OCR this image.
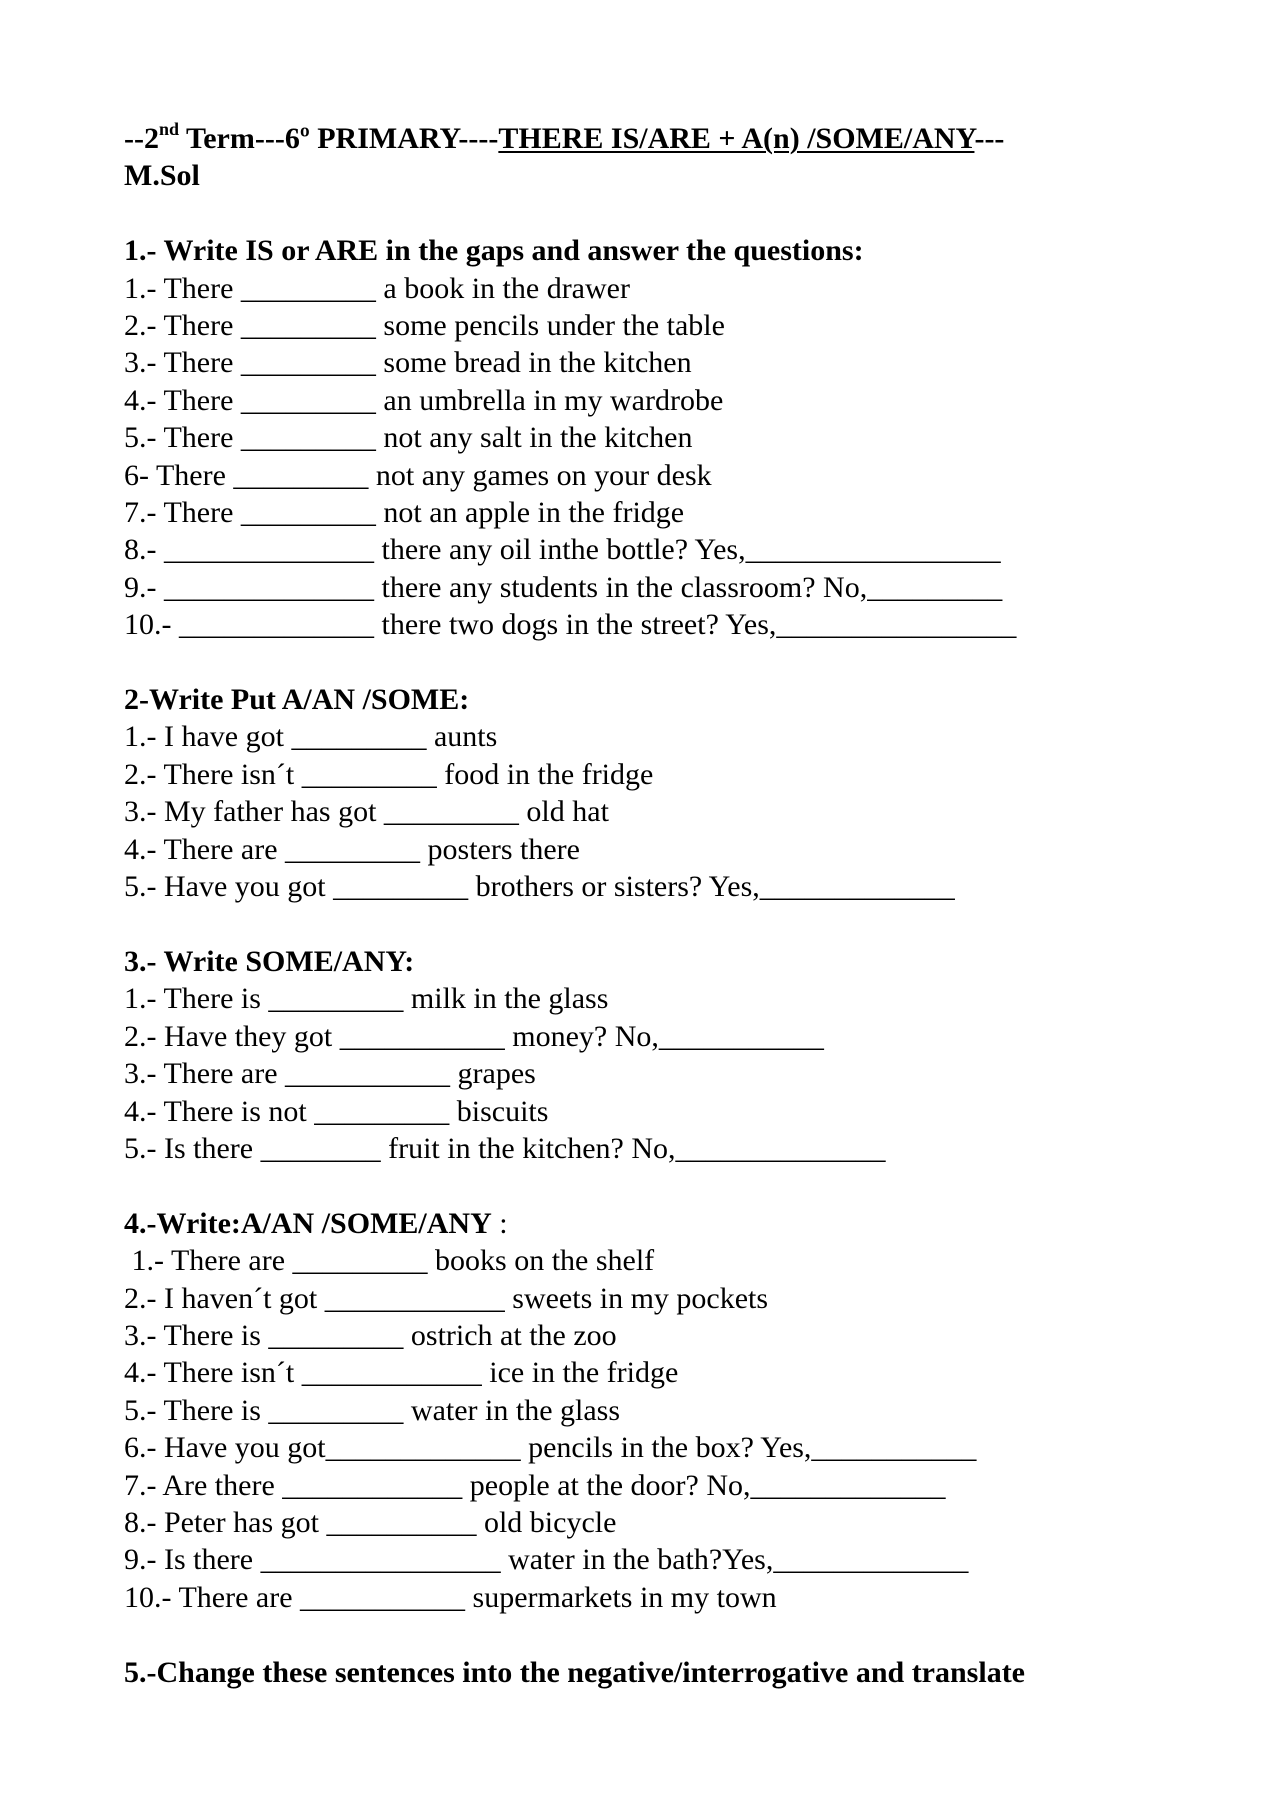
--2nd Term---6º PRIMARY----THERE IS/ARE + A(n) /SOME/ANY---
M.Sol

1.- Write IS or ARE in the gaps and answer the questions:

1.- There _________ a book in the drawer

2.- There _________ some pencils under the table

3.- There _________ some bread in the kitchen

4.- There _________ an umbrella in my wardrobe

5.- There _________ not any salt in the kitchen

6- There _________ not any games on your desk

7.- There _________ not an apple in the fridge

8.- ______________ there any oil inthe bottle? Yes,_________________

9.- ______________ there any students in the classroom? No,_________

10.- _____________ there two dogs in the street? Yes,________________

2-Write Put A/AN /SOME:

1.- I have got _________ aunts

2.- There isn´t _________ food in the fridge

3.- My father has got _________ old hat

4.- There are _________ posters there

5.- Have you got _________ brothers or sisters? Yes,_____________

3.- Write SOME/ANY:

1.- There is _________ milk in the glass

2.- Have they got ___________ money? No,___________

3.- There are ___________ grapes

4.- There is not _________ biscuits

5.- Is there ________ fruit in the kitchen? No,______________

4.-Write:A/AN /SOME/ANY :

1.- There are _________ books on the shelf

2.- I haven´t got ____________ sweets in my pockets

3.- There is _________ ostrich at the zoo

4.- There isn´t ____________ ice in the fridge

5.- There is _________ water in the glass

6.- Have you got_____________ pencils in the box? Yes,___________

7.- Are there ____________ people at the door? No,_____________

8.- Peter has got __________ old bicycle

9.- Is there ________________ water in the bath?Yes,_____________

10.- There are ___________ supermarkets in my town

5.-Change these sentences into the negative/interrogative and translate
